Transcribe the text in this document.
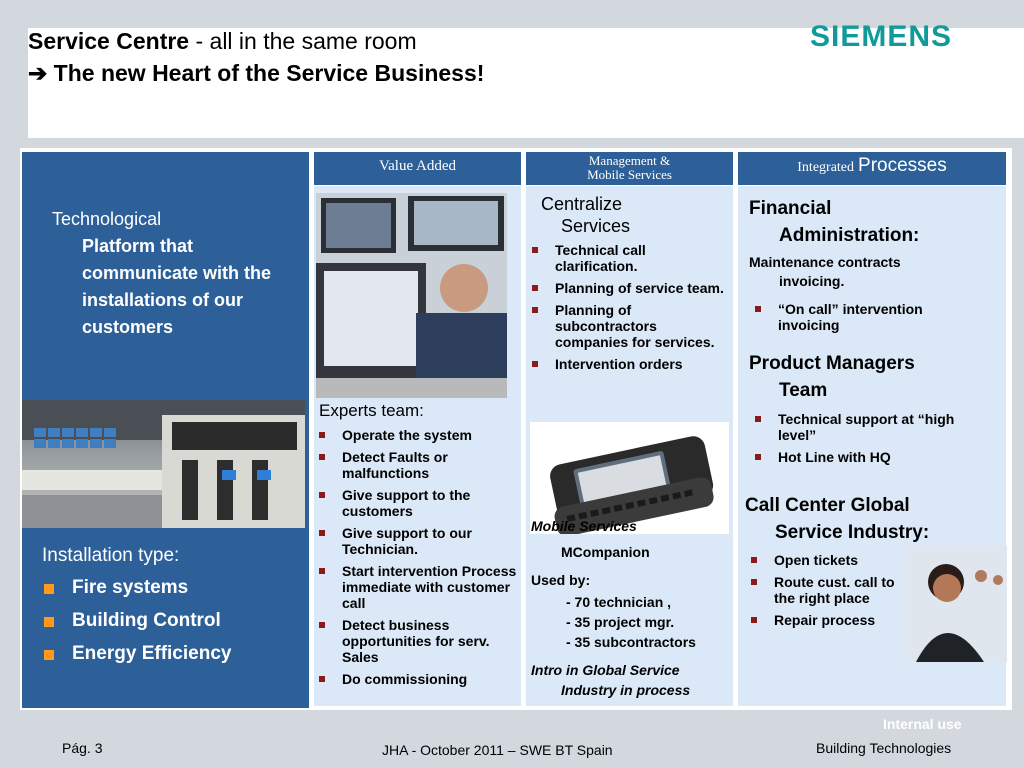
Service Centre - all in the same room
➔ The new Heart of the Service Business!
SIEMENS
Technological
Platform that communicate with the installations of our customers
Installation type:
Fire systems
Building Control
Energy Efficiency
Value Added	Management &
Mobile Services	Integrated Processes
Experts team:
Operate the system
Detect Faults or malfunctions
Give support to the customers
Give support to our Technician.
Start intervention Process immediate with customer call
Detect business opportunities for serv. Sales
Do commissioning
Centralize
Services
Technical call clarification.
Planning of service team.
Planning of subcontractors companies for services.
Intervention orders
Mobile Services
MCompanion
Used by:
- 70 technician ,
- 35 project mgr.
- 35 subcontractors
Intro in Global Service
Industry in process
Financial
Administration:
Maintenance contracts
invoicing.
“On call” intervention invoicing
Product Managers
Team
Technical support at “high level”
Hot Line with HQ
Call Center Global
Service Industry:
Open tickets
Route cust. call to the right place
Repair process
Pág. 3	JHA - October 2011 – SWE BT Spain
Internal use
Building Technologies
